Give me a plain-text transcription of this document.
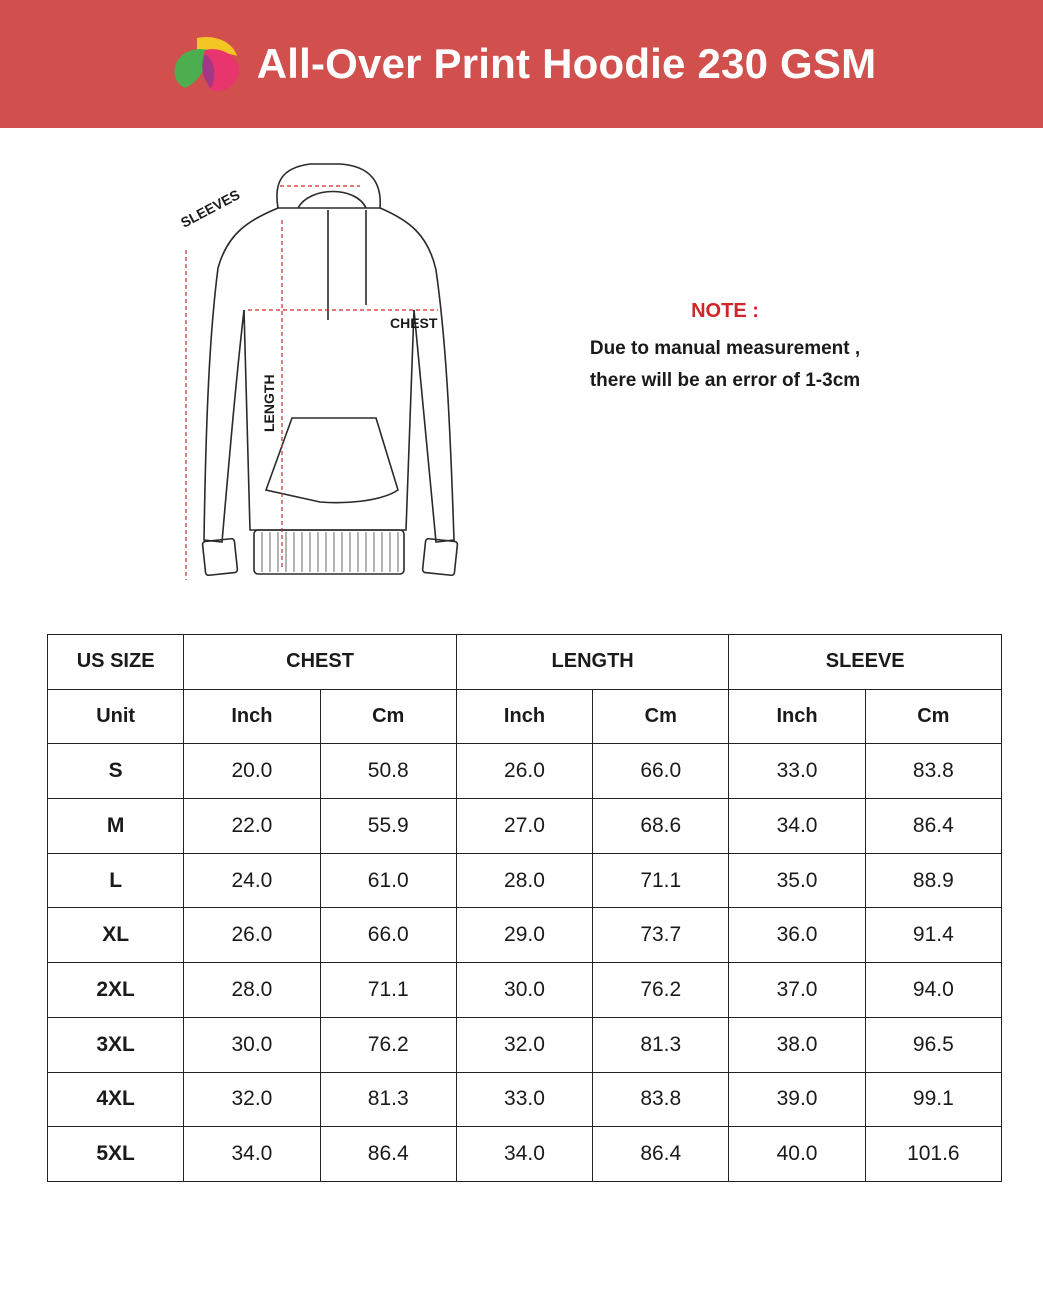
All-Over Print Hoodie 230 GSM
SLEEVES
CHEST
LENGTH
NOTE :
Due to manual measurement ,
there will be an error of 1-3cm
US SIZE	CHEST		LENGTH		SLEEVE	
Unit	Inch	Cm	Inch	Cm	Inch	Cm
S	20.0	50.8	26.0	66.0	33.0	83.8
M	22.0	55.9	27.0	68.6	34.0	86.4
L	24.0	61.0	28.0	71.1	35.0	88.9
XL	26.0	66.0	29.0	73.7	36.0	91.4
2XL	28.0	71.1	30.0	76.2	37.0	94.0
3XL	30.0	76.2	32.0	81.3	38.0	96.5
4XL	32.0	81.3	33.0	83.8	39.0	99.1
5XL	34.0	86.4	34.0	86.4	40.0	101.6
